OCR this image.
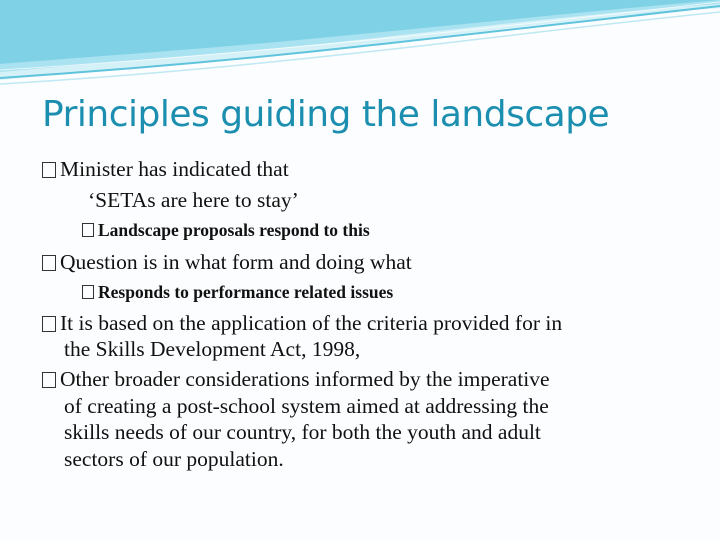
Principles guiding the landscape
Minister has indicated that
‘SETAs are here to stay’
Landscape proposals respond to this
Question is in what form and doing what
Responds to performance related issues
It is based on the application of the criteria provided for in
the Skills Development Act, 1998,
Other broader considerations informed by the imperative
of creating a post-school system aimed at addressing the
skills needs of our country, for both the youth and adult
sectors of our population.
